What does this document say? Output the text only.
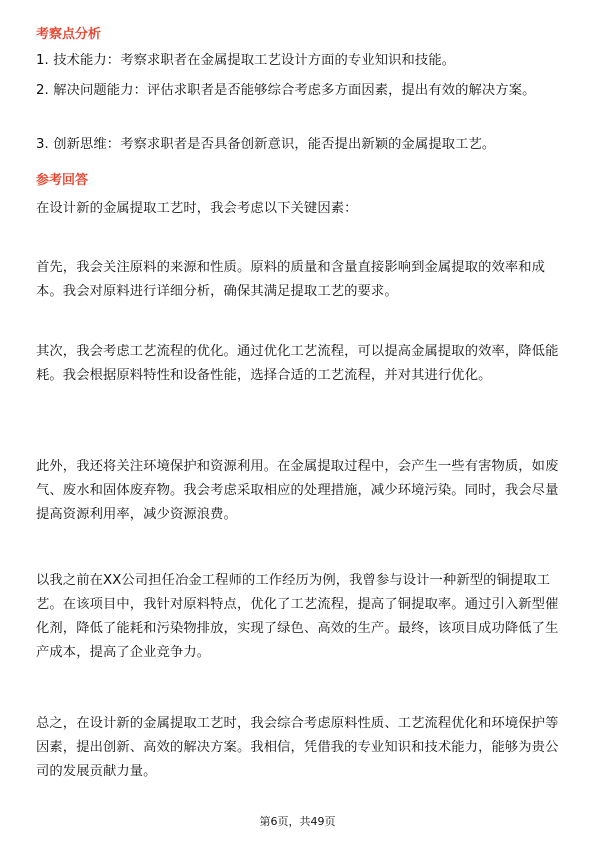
考察点分析
1. 技术能力：考察求职者在金属提取工艺设计方面的专业知识和技能。
2. 解决问题能力：评估求职者是否能够综合考虑多方面因素，提出有效的解决方案。
3. 创新思维：考察求职者是否具备创新意识，能否提出新颖的金属提取工艺。
参考回答
在设计新的金属提取工艺时，我会考虑以下关键因素：
首先，我会关注原料的来源和性质。原料的质量和含量直接影响到金属提取的效率和成本。我会对原料进行详细分析，确保其满足提取工艺的要求。
其次，我会考虑工艺流程的优化。通过优化工艺流程，可以提高金属提取的效率，降低能耗。我会根据原料特性和设备性能，选择合适的工艺流程，并对其进行优化。
此外，我还将关注环境保护和资源利用。在金属提取过程中，会产生一些有害物质，如废气、废水和固体废弃物。我会考虑采取相应的处理措施，减少环境污染。同时，我会尽量提高资源利用率，减少资源浪费。
以我之前在XX公司担任冶金工程师的工作经历为例，我曾参与设计一种新型的铜提取工艺。在该项目中，我针对原料特点，优化了工艺流程，提高了铜提取率。通过引入新型催化剂，降低了能耗和污染物排放，实现了绿色、高效的生产。最终，该项目成功降低了生产成本，提高了企业竞争力。
总之，在设计新的金属提取工艺时，我会综合考虑原料性质、工艺流程优化和环境保护等因素，提出创新、高效的解决方案。我相信，凭借我的专业知识和技术能力，能够为贵公司的发展贡献力量。
第6页，共49页
